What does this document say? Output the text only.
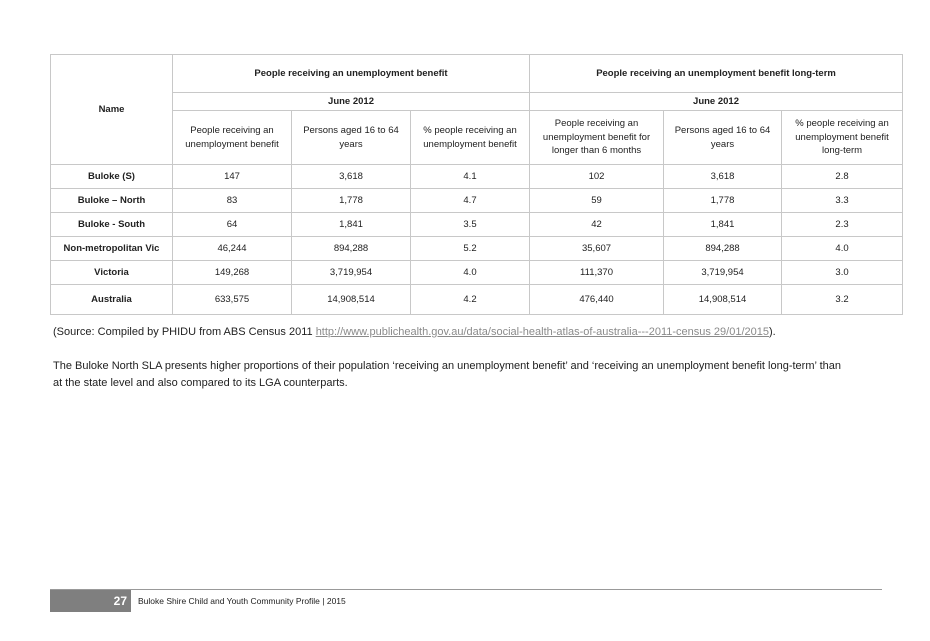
Name	People receiving an unemployment benefit			People receiving an unemployment benefit long-term		
	June 2012			June 2012		
	People receiving an unemployment benefit	Persons aged 16 to 64 years	% people receiving an unemployment benefit	People receiving an unemployment benefit for longer than 6 months	Persons aged 16 to 64 years	% people receiving an unemployment benefit long-term
Buloke (S)	147	3,618	4.1	102	3,618	2.8
Buloke – North	83	1,778	4.7	59	1,778	3.3
Buloke - South	64	1,841	3.5	42	1,841	2.3
Non-metropolitan Vic	46,244	894,288	5.2	35,607	894,288	4.0
Victoria	149,268	3,719,954	4.0	111,370	3,719,954	3.0
Australia	633,575	14,908,514	4.2	476,440	14,908,514	3.2
(Source: Compiled by PHIDU from ABS Census 2011 http://www.publichealth.gov.au/data/social-health-atlas-of-australia---2011-census 29/01/2015).
The Buloke North SLA presents higher proportions of their population ‘receiving an unemployment benefit’ and ‘receiving an unemployment benefit long-term’ than at the state level and also compared to its LGA counterparts.
27	Buloke Shire Child and Youth Community Profile | 2015
